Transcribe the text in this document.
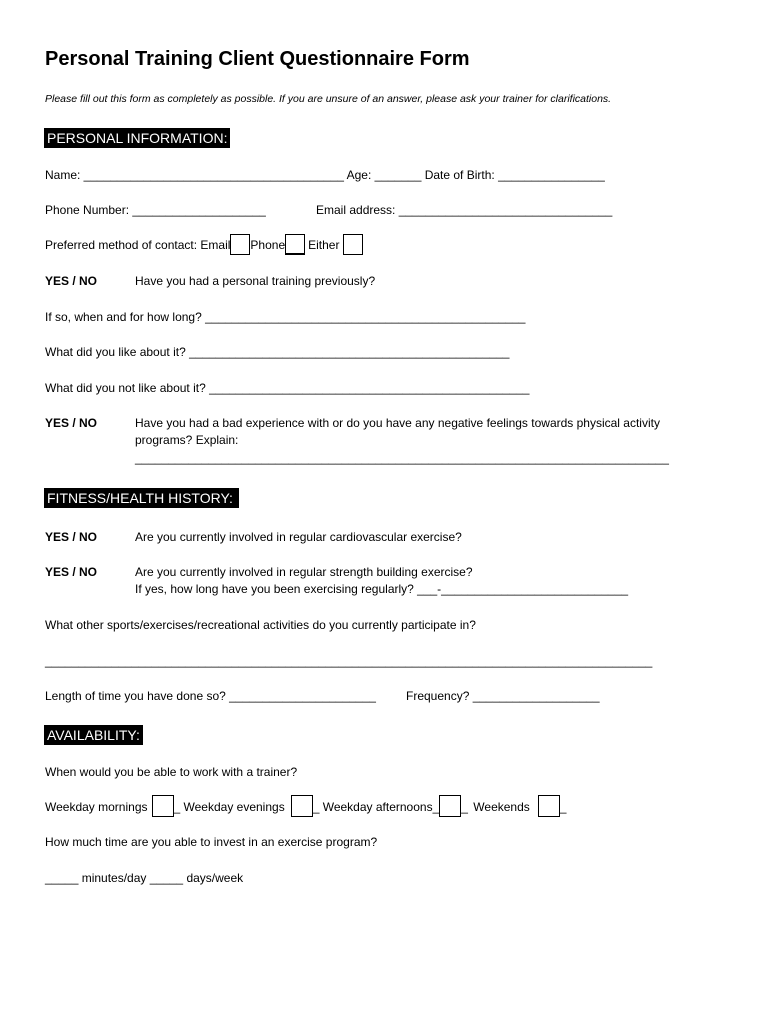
Personal Training Client Questionnaire Form
Please fill out this form as completely as possible. If you are unsure of an answer, please ask your trainer for clarifications.
PERSONAL INFORMATION:
Name: _______________________________________ Age: _______ Date of Birth: ________________
Phone Number: ____________________	Email address: ________________________________
Preferred method of contact: Email Phone Either
YES / NO	Have you had a personal training previously?
If so, when and for how long? ________________________________________________
What did you like about it? ________________________________________________
What did you not like about it? ________________________________________________
YES / NO	Have you had a bad experience with or do you have any negative feelings towards physical activity
programs? Explain:
________________________________________________________________________________
FITNESS/HEALTH HISTORY:
YES / NO	Are you currently involved in regular cardiovascular exercise?
YES / NO	Are you currently involved in regular strength building exercise?
If yes, how long have you been exercising regularly? ___-____________________________
What other sports/exercises/recreational activities do you currently participate in?
___________________________________________________________________________________________
Length of time you have done so? ______________________	Frequency? ___________________
AVAILABILITY:
When would you be able to work with a trainer?
Weekday mornings _ Weekday evenings _ Weekday afternoons_ _ Weekends	_
How much time are you able to invest in an exercise program?
_____ minutes/day _____ days/week
